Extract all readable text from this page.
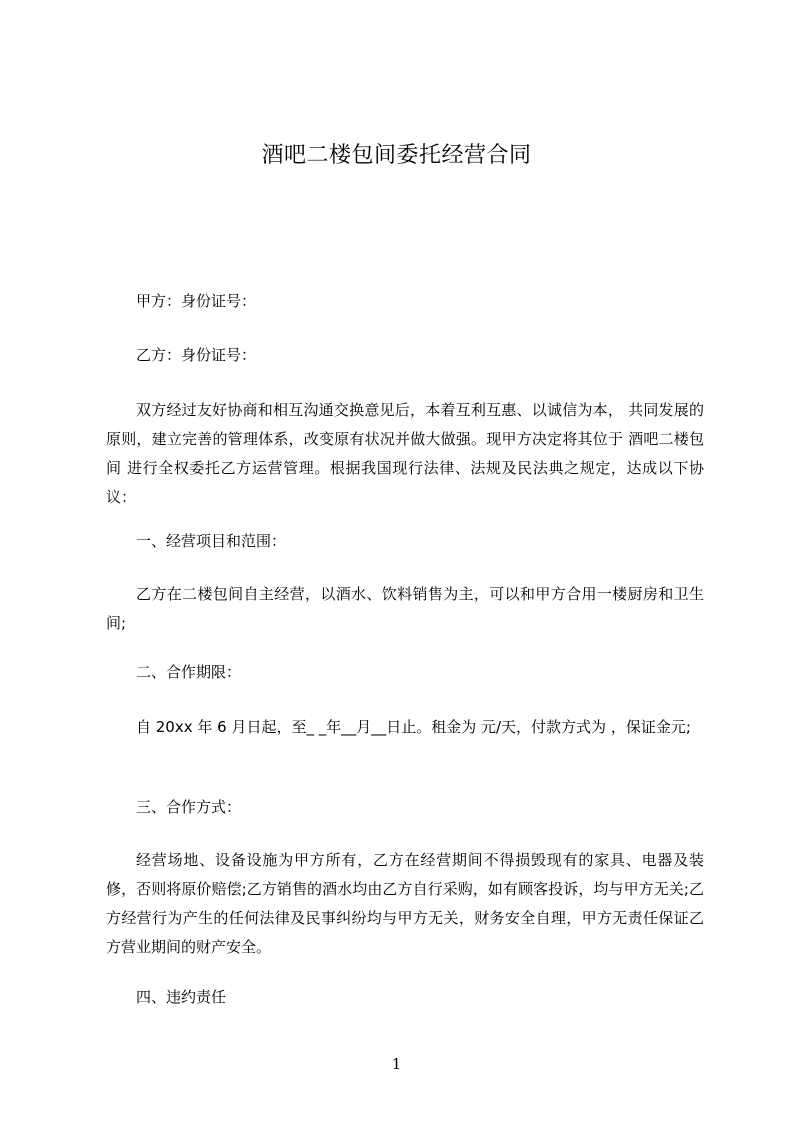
酒吧二楼包间委托经营合同
甲方：身份证号：
乙方：身份证号：
双方经过友好协商和相互沟通交换意见后，本着互利互惠、以诚信为本， 共同发展的原则，建立完善的管理体系，改变原有状况并做大做强。现甲方决定将其位于 酒吧二楼包间 进行全权委托乙方运营管理。根据我国现行法律、法规及民法典之规定，达成以下协议：
一、经营项目和范围：
乙方在二楼包间自主经营，以酒水、饮料销售为主，可以和甲方合用一楼厨房和卫生间;
二、合作期限：
自 20xx 年 6 月日起，至_ _年__月__日止。租金为 元/天，付款方式为 ，保证金元;
三、合作方式：
经营场地、设备设施为甲方所有，乙方在经营期间不得损毁现有的家具、电器及装修，否则将原价赔偿;乙方销售的酒水均由乙方自行采购，如有顾客投诉，均与甲方无关;乙方经营行为产生的任何法律及民事纠纷均与甲方无关，财务安全自理，甲方无责任保证乙方营业期间的财产安全。
四、违约责任
1
